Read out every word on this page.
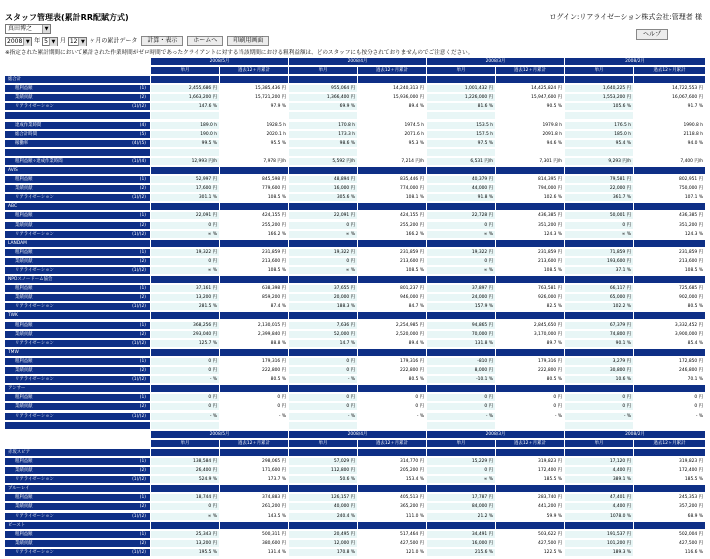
スタッフ管理表(累計RR配賦方式)	ログイン:リアライゼーション株式会社:管理者 様
ヘルプ
真田博之	▼
2008 ▼ 年 5 ▼ 月 12 ▼ ヶ月の累計データ 計算・表示	ホームへ	印刷用画面
※指定された累計期間において累計された作業時間がゼロ時間であったクライアントに対する当該期間における粗利益額は、どのスタッフにも按分されておりませんのでご注意ください。
2008/5月	2008/4月	2008/3月	2008/2月
単月	過去12ヶ月累計	単月	過去12ヶ月累計	単月	過去12ヶ月累計	単月	過去12ヶ月累計
総合計
粗利益額	(1)	2,455,686 円	15,385,436 円	955,064 円	14,240,313 円	1,001,432 円	14,425,824 円	1,640,225 円	14,722,553 円
業績貢献	(2)	1,663,200 円	15,721,200 円	1,366,400 円	15,936,000 円	1,226,000 円	15,947,600 円	1,553,200 円	16,067,600 円
リアライゼーション	(1)/(2)	147.6 %	97.9 %	69.9 %	89.4 %	81.6 %	90.5 %	105.6 %	91.7 %
達成作業時間	(4)	189.0 h	1928.5 h	170.8 h	1974.5 h	153.5 h	1979.8 h	176.5 h	1990.8 h
総合計時間	(5)	190.0 h	2020.1 h	173.3 h	2071.6 h	157.5 h	2091.8 h	185.0 h	2118.8 h
稼働率	(4)/(5)	99.5 %	95.5 %	98.6 %	95.3 %	97.5 %	94.6 %	95.4 %	94.0 %
粗利益額÷達成作業時間	(1)/(4)	12,993 円/h	7,978 円/h	5,592 円/h	7,214 円/h	6,531 円/h	7,301 円/h	9,293 円/h	7,400 円/h
AVIS
粗利益額	(1)	52,997 円	845,598 円	48,894 円	835,446 円	40,379 円	814,395 円	79,581 円	802,951 円
業績貢献	(2)	17,600 円	779,600 円	16,000 円	774,000 円	44,000 円	794,000 円	22,000 円	750,000 円
リアライゼーション	(1)/(2)	301.1 %	108.5 %	305.6 %	108.1 %	91.8 %	102.6 %	361.7 %	107.1 %
ABC
粗利益額	(1)	22,091 円	424,155 円	22,091 円	424,155 円	22,728 円	436,385 円	50,001 円	436,385 円
業績貢献	(2)	0 円	255,200 円	0 円	255,200 円	0 円	351,200 円	0 円	351,200 円
リアライゼーション	(1)/(2)	∞ %	166.2 %	∞ %	166.2 %	∞ %	124.3 %	∞ %	124.3 %
LANDAM
粗利益額	(1)	19,322 円	231,859 円	19,322 円	231,859 円	19,322 円	231,859 円	71,859 円	231,859 円
業績貢献	(2)	0 円	213,600 円	0 円	213,600 円	0 円	213,600 円	193,600 円	213,600 円
リアライゼーション	(1)/(2)	∞ %	108.5 %	∞ %	108.5 %	∞ %	108.5 %	37.1 %	108.5 %
NPOスノードーム協会
粗利益額	(1)	37,161 円	638,398 円	37,655 円	801,237 円	37,897 円	763,581 円	66,117 円	725,685 円
業績貢献	(2)	13,200 円	859,200 円	20,000 円	946,000 円	24,000 円	926,000 円	65,000 円	902,000 円
リアライゼーション	(1)/(2)	281.5 %	87.4 %	188.3 %	84.7 %	157.9 %	82.5 %	102.2 %	80.5 %
TWK
粗利益額	(1)	368,256 円	2,130,015 円	7,636 円	2,254,985 円	94,865 円	2,845,650 円	67,379 円	3,332,452 円
業績貢献	(2)	293,040 円	2,399,840 円	52,000 円	2,520,000 円	70,000 円	3,170,000 円	74,800 円	3,900,000 円
リアライゼーション	(1)/(2)	125.7 %	88.8 %	14.7 %	89.4 %	131.8 %	89.7 %	90.1 %	85.4 %
TMW
粗利益額	(1)	0 円	179,316 円	0 円	179,316 円	-810 円	179,316 円	3,279 円	172,850 円
業績貢献	(2)	0 円	222,800 円	0 円	222,800 円	8,000 円	222,800 円	30,800 円	246,800 円
リアライゼーション	(1)/(2)	- %	80.5 %	- %	80.5 %	-10.1 %	80.5 %	10.6 %	70.1 %
アンサー
粗利益額	(1)	0 円	0 円	0 円	0 円	0 円	0 円	0 円	0 円
業績貢献	(2)	0 円	0 円	0 円	0 円	0 円	0 円	0 円	0 円
リアライゼーション	(1)/(2)	- %	- %	- %	- %	- %	- %	- %	- %
2008/5月	2008/4月	2008/3月	2008/2月
単月	過去12ヶ月累計	単月	過去12ヶ月累計	単月	過去12ヶ月累計	単月	過去12ヶ月累計
赤坂スピア
粗利益額	(1)	138,584 円	298,065 円	57,029 円	314,770 円	15,229 円	319,823 円	17,120 円	319,823 円
業績貢献	(2)	26,400 円	171,600 円	112,800 円	205,200 円	0 円	172,400 円	4,400 円	172,400 円
リアライゼーション	(1)/(2)	524.9 %	173.7 %	50.6 %	153.4 %	∞ %	185.5 %	389.1 %	185.5 %
ブルーレイ
粗利益額	(1)	18,744 円	374,883 円	126,157 円	405,513 円	17,787 円	283,740 円	47,401 円	245,353 円
業績貢献	(2)	0 円	261,200 円	40,000 円	365,200 円	84,000 円	441,200 円	4,400 円	357,200 円
リアライゼーション	(1)/(2)	∞ %	143.5 %	240.4 %	111.0 %	21.2 %	59.9 %	1078.0 %	68.9 %
ビースト
粗利益額	(1)	25,343 円	500,311 円	20,495 円	517,464 円	34,491 円	503,622 円	191,537 円	502,004 円
業績貢献	(2)	13,200 円	380,600 円	12,000 円	427,500 円	16,000 円	427,500 円	101,200 円	427,500 円
リアライゼーション	(1)/(2)	195.5 %	131.4 %	170.8 %	121.0 %	215.6 %	122.5 %	189.3 %	116.6 %
